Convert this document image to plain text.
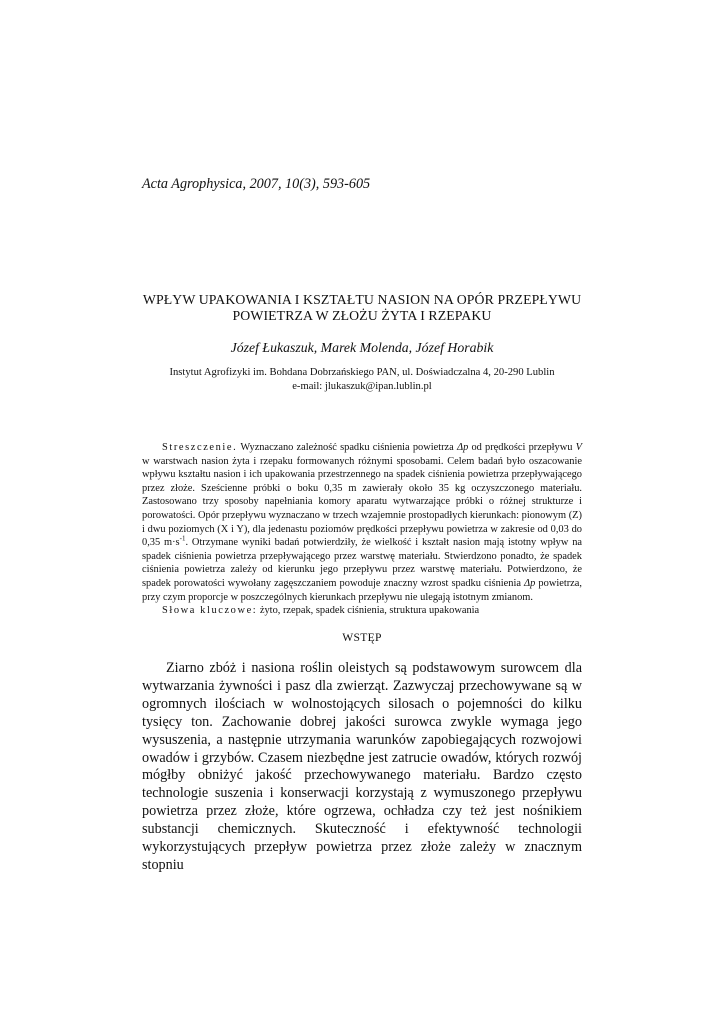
Acta Agrophysica, 2007, 10(3), 593-605
WPŁYW UPAKOWANIA I KSZTAŁTU NASION NA OPÓR PRZEPŁYWU
POWIETRZA W ZŁOŻU ŻYTA I RZEPAKU
Józef Łukaszuk, Marek Molenda, Józef Horabik
Instytut Agrofizyki im. Bohdana Dobrzańskiego PAN, ul. Doświadczalna 4, 20-290 Lublin
e-mail: jlukaszuk@ipan.lublin.pl

Streszczenie. Wyznaczano zależność spadku ciśnienia powietrza Δp od prędkości przepływu V w warstwach nasion żyta i rzepaku formowanych różnymi sposobami. Celem badań było oszacowanie wpływu kształtu nasion i ich upakowania przestrzennego na spadek ciśnienia powietrza przepływającego przez złoże. Sześcienne próbki o boku 0,35 m zawierały około 35 kg oczyszczonego materiału. Zastosowano trzy sposoby napełniania komory aparatu wytwarzające próbki o różnej strukturze i porowatości. Opór przepływu wyznaczano w trzech wzajemnie prostopadłych kierunkach: pionowym (Z) i dwu poziomych (X i Y), dla jedenastu poziomów prędkości przepływu powietrza w zakresie od 0,03 do 0,35 $m\cdot s^{-1}$. Otrzymane wyniki badań potwierdziły, że wielkość i kształt nasion mają istotny wpływ na spadek ciśnienia powietrza przepływającego przez warstwę materiału. Stwierdzono ponadto, że spadek ciśnienia powietrza zależy od kierunku jego przepływu przez warstwę materiału. Potwierdzono, że spadek porowatości wywołany zagęszczaniem powoduje znaczny wzrost spadku ciśnienia Δp powietrza, przy czym proporcje w poszczególnych kierunkach przepływu nie ulegają istotnym zmianom.

Słowa kluczowe: żyto, rzepak, spadek ciśnienia, struktura upakowania

WSTĘP

Ziarno zbóż i nasiona roślin oleistych są podstawowym surowcem dla wytwarzania żywności i pasz dla zwierząt. Zazwyczaj przechowywane są w ogromnych ilościach w wolnostojących silosach o pojemności do kilku tysięcy ton. Zachowanie dobrej jakości surowca zwykle wymaga jego wysuszenia, a następnie utrzymania warunków zapobiegających rozwojowi owadów i grzybów. Czasem niezbędne jest zatrucie owadów, których rozwój mógłby obniżyć jakość przechowywanego materiału. Bardzo często technologie suszenia i konserwacji korzystają z wymuszonego przepływu powietrza przez złoże, które ogrzewa, ochładza czy też jest nośnikiem substancji chemicznych. Skuteczność i efektywność technologii wykorzystujących przepływ powietrza przez złoże zależy w znacznym stopniu
